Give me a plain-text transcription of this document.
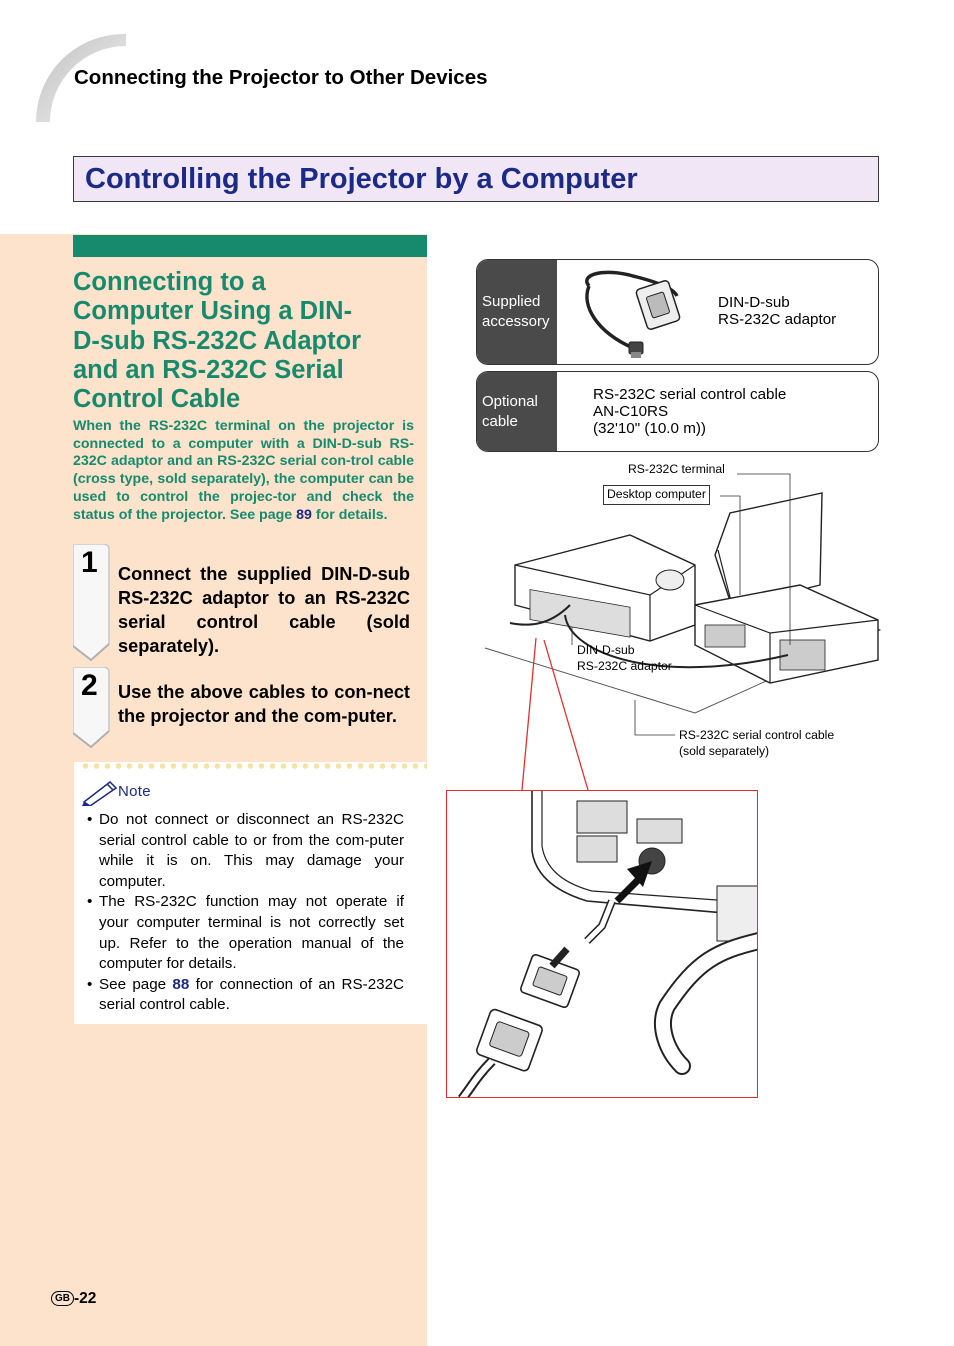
Connecting the Projector to Other Devices
Controlling the Projector by a Computer
Connecting to a
Computer Using a DIN-
D-sub RS-232C Adaptor
and an RS-232C Serial
Control Cable
When the RS-232C terminal on the projector is connected to a computer with a DIN-D-sub RS-232C adaptor and an RS-232C serial con-trol cable (cross type, sold separately), the computer can be used to control the projec-tor and check the status of the projector. See page 89 for details.
1 Connect the supplied DIN-D-sub RS-232C adaptor to an RS-232C serial control cable (sold separately).
2 Use the above cables to con-nect the projector and the com-puter.
Note
• Do not connect or disconnect an RS-232C serial control cable to or from the com-puter while it is on. This may damage your computer.
• The RS-232C function may not operate if your computer terminal is not correctly set up. Refer to the operation manual of the computer for details.
• See page 88 for connection of an RS-232C serial control cable.
Supplied
accessory
DIN-D-sub
RS-232C adaptor
Optional
cable
RS-232C serial control cable
AN-C10RS
(32'10" (10.0 m))
RS-232C terminal
Desktop computer
DIN-D-sub
RS-232C adaptor
RS-232C serial control cable
(sold separately)
GB -22
